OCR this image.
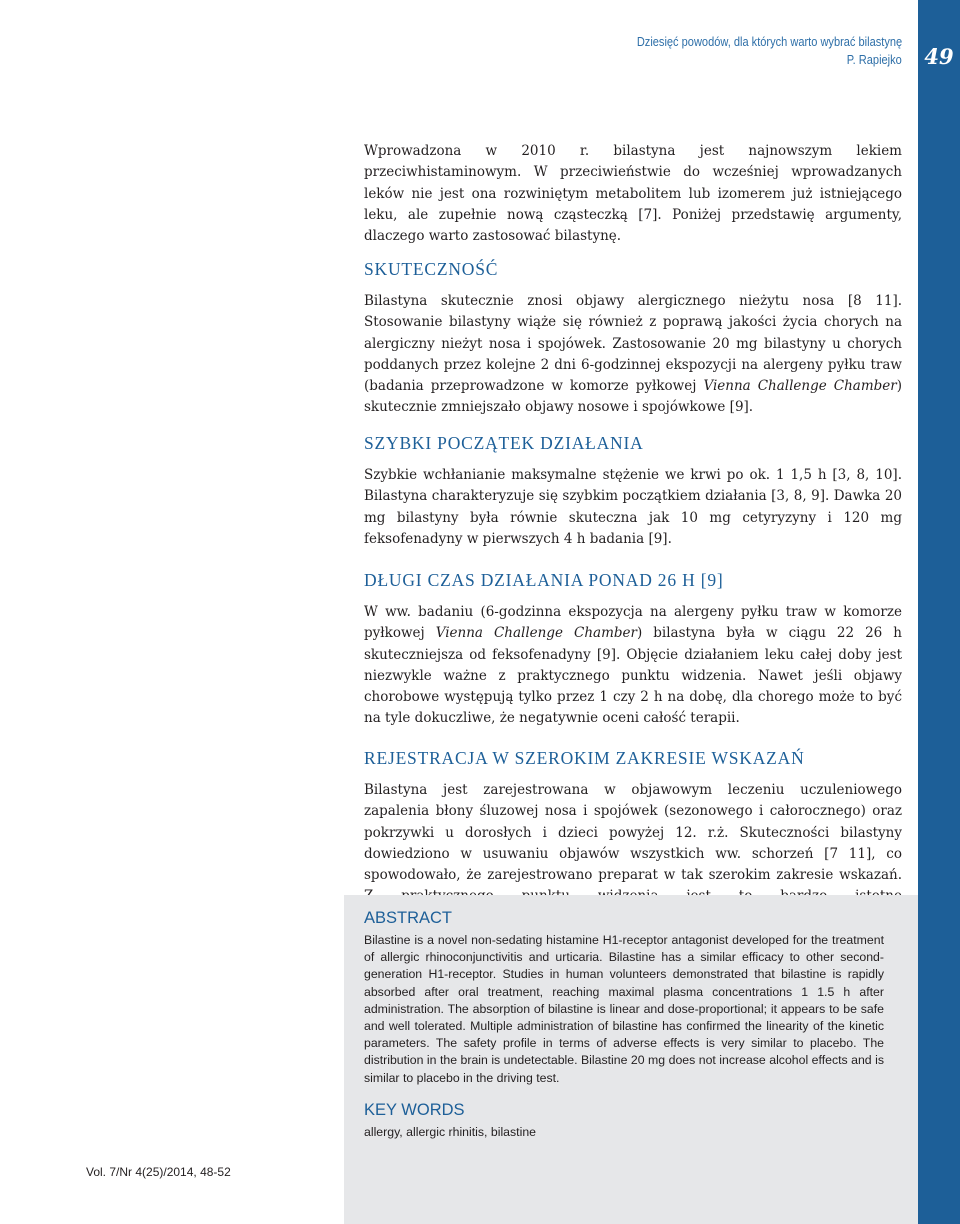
Dziesięć powodów, dla których warto wybrać bilastynę
P. Rapiejko	49

Wprowadzona w 2010 r. bilastyna jest najnowszym lekiem przeciwhistaminowym. W przeciwieństwie do wcześniej wprowadzanych leków nie jest ona rozwiniętym metabolitem lub izomerem już istniejącego leku, ale zupełnie nową cząsteczką [7]. Poniżej przedstawię argumenty, dlaczego warto zastosować bilastynę.

SKUTECZNOŚĆ

Bilastyna skutecznie znosi objawy alergicznego nieżytu nosa [8 11]. Stosowanie bilastyny wiąże się również z poprawą jakości życia chorych na alergiczny nieżyt nosa i spojówek. Zastosowanie 20 mg bilastyny u chorych poddanych przez kolejne 2 dni 6-godzinnej ekspozycji na alergeny pyłku traw (badania przeprowadzone w komorze pyłkowej Vienna Challenge Chamber) skutecznie zmniejszało objawy nosowe i spojówkowe [9].

SZYBKI POCZĄTEK DZIAŁANIA

Szybkie wchłanianie maksymalne stężenie we krwi po ok. 1 1,5 h [3, 8, 10]. Bilastyna charakteryzuje się szybkim początkiem działania [3, 8, 9]. Dawka 20 mg bilastyny była równie skuteczna jak 10 mg cetyryzyny i 120 mg feksofenadyny w pierwszych 4 h badania [9].

DŁUGI CZAS DZIAŁANIA PONAD 26 H [9]

W ww. badaniu (6-godzinna ekspozycja na alergeny pyłku traw w komorze pyłkowej Vienna Challenge Chamber) bilastyna była w ciągu 22 26 h skuteczniejsza od feksofenadyny [9]. Objęcie działaniem leku całej doby jest niezwykle ważne z praktycznego punktu widzenia. Nawet jeśli objawy chorobowe występują tylko przez 1 czy 2 h na dobę, dla chorego może to być na tyle dokuczliwe, że negatywnie oceni całość terapii.

REJESTRACJA W SZEROKIM ZAKRESIE WSKAZAŃ

Bilastyna jest zarejestrowana w objawowym leczeniu uczuleniowego zapalenia błony śluzowej nosa i spojówek (sezonowego i całorocznego) oraz pokrzywki u dorosłych i dzieci powyżej 12. r.ż. Skuteczności bilastyny dowiedziono w usuwaniu objawów wszystkich ww. schorzeń [7 11], co spowodowało, że zarejestrowano preparat w tak szerokim zakresie wskazań.

ABSTRACT

Bilastine is a novel non-sedating histamine H1-receptor antagonist developed for the treatment of allergic rhinoconjunctivitis and urticaria. Bilastine has a similar efficacy to other second-generation H1-receptor. Studies in human volunteers demonstrated that bilastine is rapidly absorbed after oral treatment, reaching maximal plasma concentrations 1 1.5 h after administration. The absorption of bilastine is linear and dose-proportional; it appears to be safe and well tolerated. Multiple administration of bilastine has confirmed the linearity of the kinetic parameters. The safety profile in terms of adverse effects is very similar to placebo. The distribution in the brain is undetectable. Bilastine 20 mg does not increase alcohol effects and is similar to placebo in the driving test.

KEY WORDS

allergy, allergic rhinitis, bilastine

Vol. 7/Nr 4(25)/2014, 48-52
